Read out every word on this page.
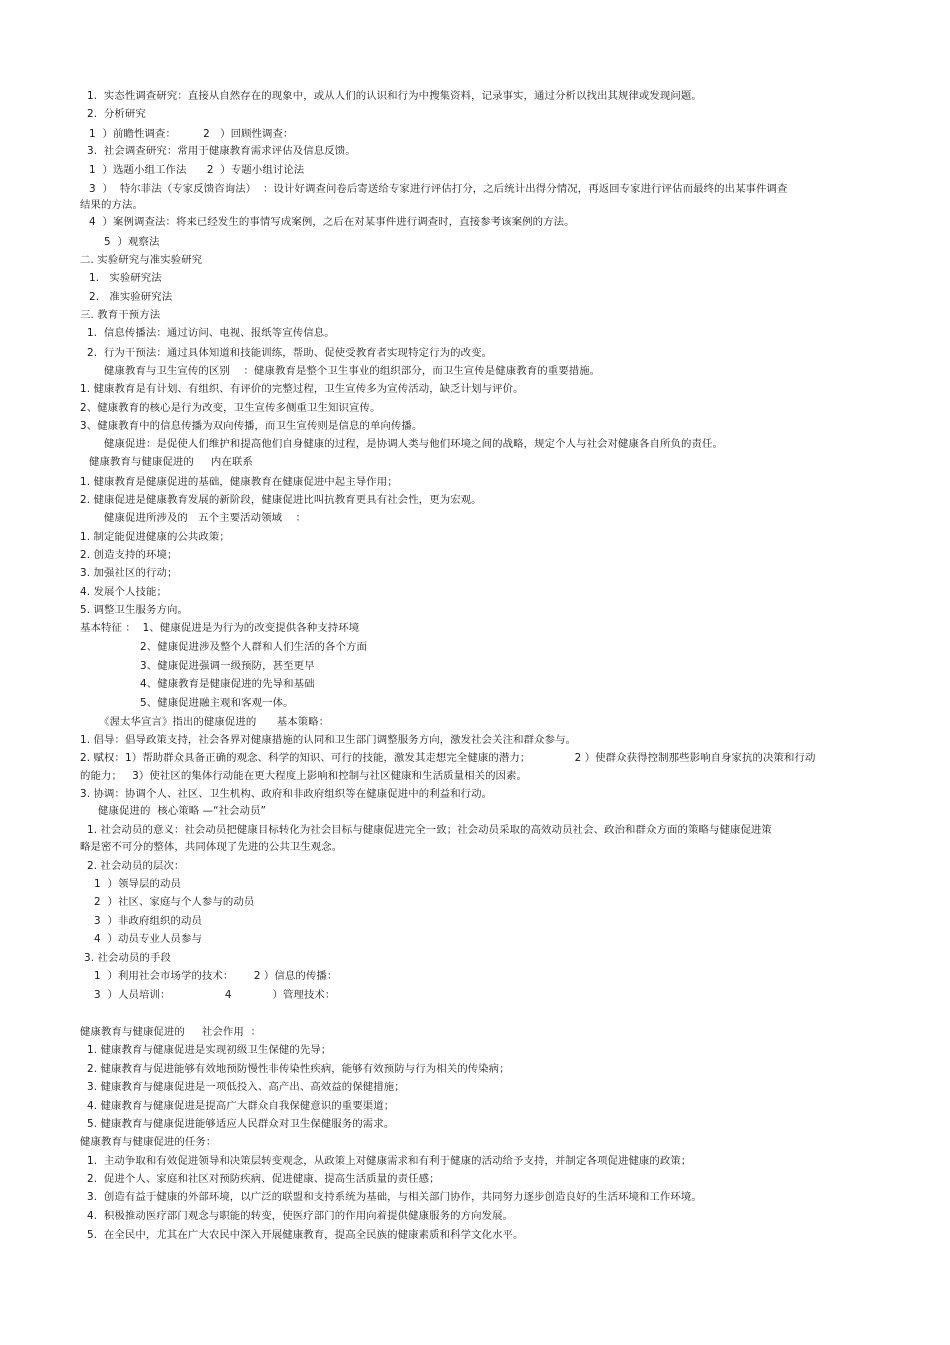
1.  实态性调查研究：直接从自然存在的现象中，或从人们的认识和行为中搜集资料，记录事实，通过分析以找出其规律或发现问题。
2.  分析研究
1  ）前瞻性调查：        2   ）回顾性调查：
3.  社会调查研究：常用于健康教育需求评估及信息反馈。
1  ）选题小组工作法      2  ）专题小组讨论法
3  ）  特尔菲法（专家反馈咨询法）  ：设计好调查问卷后寄送给专家进行评估打分，之后统计出得分情况，再返回专家进行评估而最终的出某事件调查
结果的方法。
4  ）案例调查法：将来已经发生的事情写成案例，之后在对某事件进行调查时，直接参考该案例的方法。
5  ）观察法
二. 实验研究与准实验研究
1.   实验研究法
2.   准实验研究法
三. 教育干预方法
1.  信息传播法：通过访问、电视、报纸等宣传信息。
2.  行为干预法：通过具体知道和技能训练，帮助、促使受教育者实现特定行为的改变。
健康教育与卫生宣传的区别    ：健康教育是整个卫生事业的组织部分，而卫生宣传是健康教育的重要措施。
1. 健康教育是有计划、有组织、有评价的完整过程，卫生宣传多为宣传活动，缺乏计划与评价。
2、健康教育的核心是行为改变，卫生宣传多侧重卫生知识宣传。
3、健康教育中的信息传播为双向传播，而卫生宣传则是信息的单向传播。
健康促进：是促使人们维护和提高他们自身健康的过程，是协调人类与他们环境之间的战略，规定个人与社会对健康各自所负的责任。
健康教育与健康促进的     内在联系
1. 健康教育是健康促进的基础，健康教育在健康促进中起主导作用；
2. 健康促进是健康教育发展的新阶段，健康促进比叫抗教育更具有社会性，更为宏观。
健康促进所涉及的   五个主要活动领域    ：
1. 制定能促进健康的公共政策；
2. 创造支持的环境；
3. 加强社区的行动；
4. 发展个人技能；
5. 调整卫生服务方向。
基本特征 ：  1、健康促进是为行为的改变提供各种支持环境
2、健康促进涉及整个人群和人们生活的各个方面
3、健康促进强调一级预防，甚至更早
4、健康教育是健康促进的先导和基础
5、健康促进融主观和客观一体。
《渥太华宣言》指出的健康促进的      基本策略：
1. 倡导：倡导政策支持，社会各界对健康措施的认同和卫生部门调整服务方向，激发社会关注和群众参与。
2. 赋权：1）帮助群众具备正确的观念、科学的知识、可行的技能，激发其走想完全健康的潜力；             2 ）使群众获得控制那些影响自身家抗的决策和行动
的能力；   3）使社区的集体行动能在更大程度上影响和控制与社区健康和生活质量相关的因素。
3. 协调：协调个人、社区、卫生机构、政府和非政府组织等在健康促进中的利益和行动。
健康促进的  核心策略 —“社会动员”
1. 社会动员的意义：社会动员把健康目标转化为社会目标与健康促进完全一致；社会动员采取的高效动员社会、政治和群众方面的策略与健康促进策
略是密不可分的整体，共同体现了先进的公共卫生观念。
2. 社会动员的层次：
1  ）领导层的动员
2  ）社区、家庭与个人参与的动员
3  ）非政府组织的动员
4  ）动员专业人员参与
3. 社会动员的手段
1  ）利用社会市场学的技术：      2 ）信息的传播：
3  ）人员培训：                4            ）管理技术：
健康教育与健康促进的     社会作用  ：
1. 健康教育与健康促进是实现初级卫生保健的先导；
2. 健康教育与促进能够有效地预防慢性非传染性疾病，能够有效预防与行为相关的传染病；
3. 健康教育与健康促进是一项低投入、高产出、高效益的保健措施；
4. 健康教育与健康促进是提高广大群众自我保健意识的重要渠道；
5. 健康教育与健康促进能够适应人民群众对卫生保健服务的需求。
健康教育与健康促进的任务：
1.  主动争取和有效促进领导和决策层转变观念，从政策上对健康需求和有利于健康的活动给予支持，并制定各项促进健康的政策；
2.  促进个人、家庭和社区对预防疾病、促进健康、提高生活质量的责任感；
3.  创造有益于健康的外部环境，以广泛的联盟和支持系统为基础，与相关部门协作，共同努力逐步创造良好的生活环境和工作环境。
4.  积极推动医疗部门观念与职能的转变，使医疗部门的作用向着提供健康服务的方向发展。
5.  在全民中，尤其在广大农民中深入开展健康教育，提高全民族的健康素质和科学文化水平。
